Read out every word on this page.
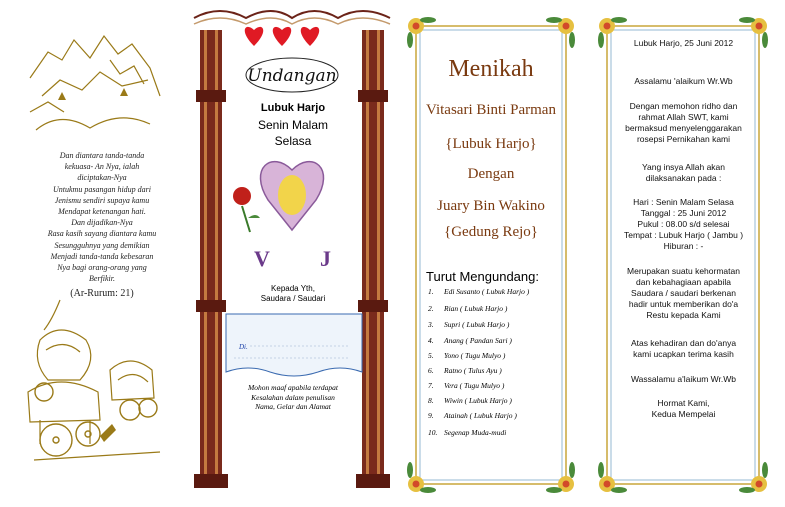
Dan diantara tanda-tanda
kekuasa- An Nya, ialah
diciptakan-Nya
Untukmu pasangan hidup dari
Jenismu sendiri supaya kamu
Mendapat ketenangan hati.
Dan dijadikan-Nya
Rasa kasih sayang diantara kamu
Sesungguhnya yang demikian
Menjadi tanda-tanda kebesaran
Nya bagi orang-orang yang
Berfikir.
(Ar-Rurum: 21)
Undangan
Lubuk Harjo
Senin Malam
Selasa
V J
Kepada Yth,
Saudara / Saudari
Di.
Mohon maaf apabila terdapat
Kesalahan dalam penulisan
Nama, Gelar dan Alamat
Menikah
Vitasari Binti Parman
{Lubuk Harjo}
Dengan
Juary Bin Wakino
{Gedung Rejo}
Turut Mengundang:
1. Edi Susanto ( Lubuk Harjo )
2. Rian ( Lubuk Harjo )
3. Supri ( Lubuk Harjo )
4. Anang ( Pandan Sari )
5. Yono ( Tugu Mulyo )
6. Ratno ( Tulus Ayu )
7. Vera ( Tugu Mulyo )
8. Wiwin ( Lubuk Harjo )
9. Atainah ( Lubuk Harjo )
10. Segenap Muda-mudi
Lubuk Harjo, 25 Juni 2012
Assalamu 'alaikum Wr.Wb
Dengan memohon ridho dan
rahmat Allah SWT, kami
bermaksud menyelenggarakan
rosepsi Pernikahan kami
Yang insya Allah akan
dilaksanakan pada :
Hari : Senin Malam Selasa
Tanggal : 25 Juni 2012
Pukul : 08.00 s/d selesai
Tempat : Lubuk Harjo ( Jambu )
Hiburan : -
Merupakan suatu kehormatan
dan kebahagiaan apabila
Saudara / saudari berkenan
hadir untuk memberikan do'a
Restu kepada Kami
Atas kehadiran dan do'anya
kami ucapkan terima kasih
Wassalamu a'laikum Wr.Wb
Hormat Kami,
Kedua Mempelai
